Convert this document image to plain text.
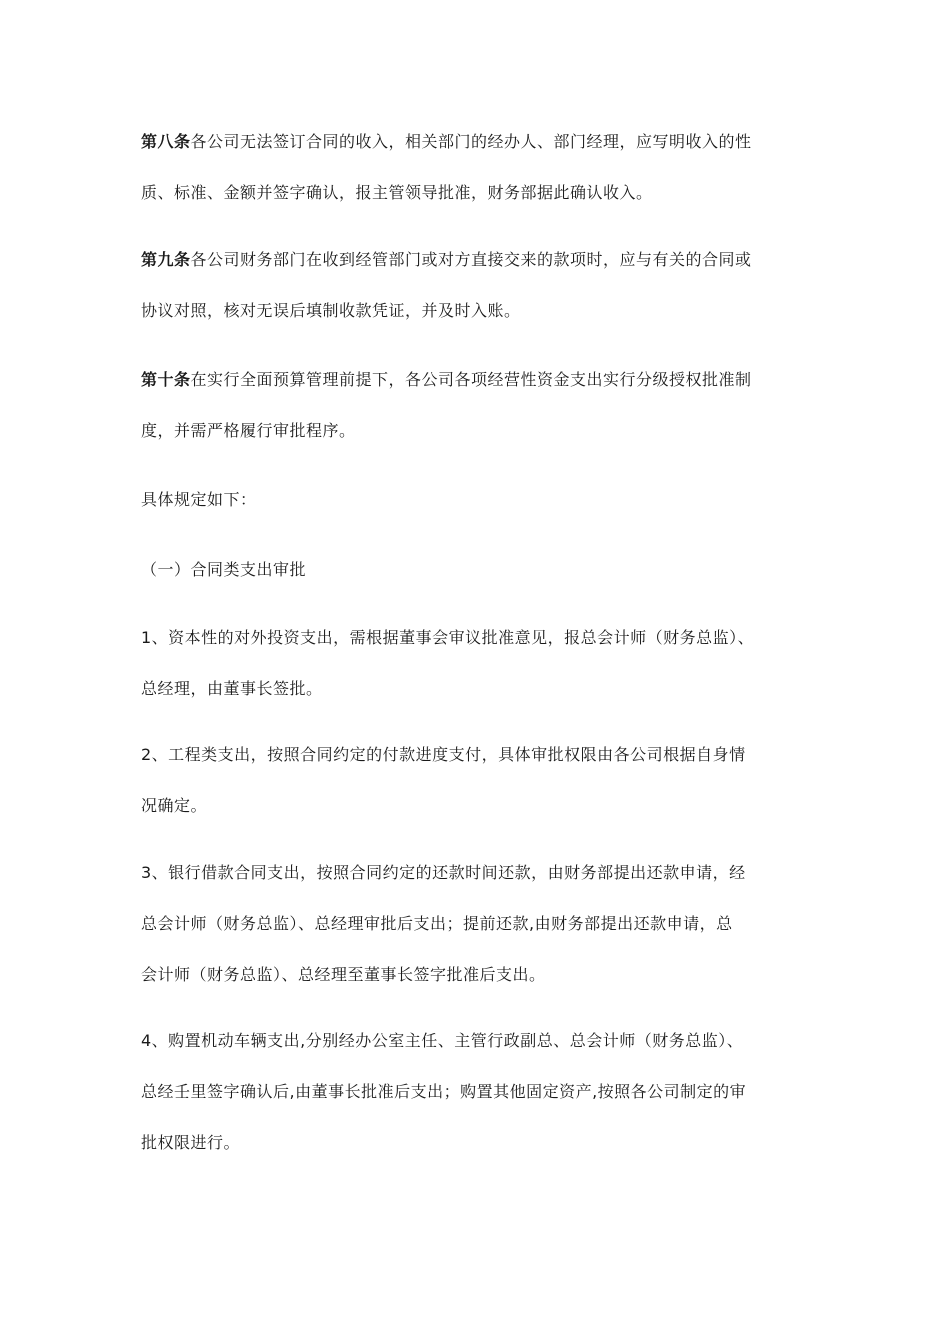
第八条各公司无法签订合同的收入，相关部门的经办人、部门经理，应写明收入的性
质、标准、金额并签字确认，报主管领导批准，财务部据此确认收入。

第九条各公司财务部门在收到经管部门或对方直接交来的款项时，应与有关的合同或
协议对照，核对无误后填制收款凭证，并及时入账。

第十条在实行全面预算管理前提下，各公司各项经营性资金支出实行分级授权批准制
度，并需严格履行审批程序。

具体规定如下：

（一）合同类支出审批

1、资本性的对外投资支出，需根据董事会审议批准意见，报总会计师（财务总监）、
总经理，由董事长签批。

2、工程类支出，按照合同约定的付款进度支付，具体审批权限由各公司根据自身情
况确定。

3、银行借款合同支出，按照合同约定的还款时间还款，由财务部提出还款申请，经
总会计师（财务总监）、总经理审批后支出；提前还款,由财务部提出还款申请，总
会计师（财务总监）、总经理至董事长签字批准后支出。

4、购置机动车辆支出,分别经办公室主任、主管行政副总、总会计师（财务总监）、
总经壬里签字确认后,由董事长批准后支出；购置其他固定资产,按照各公司制定的审
批权限进行。
